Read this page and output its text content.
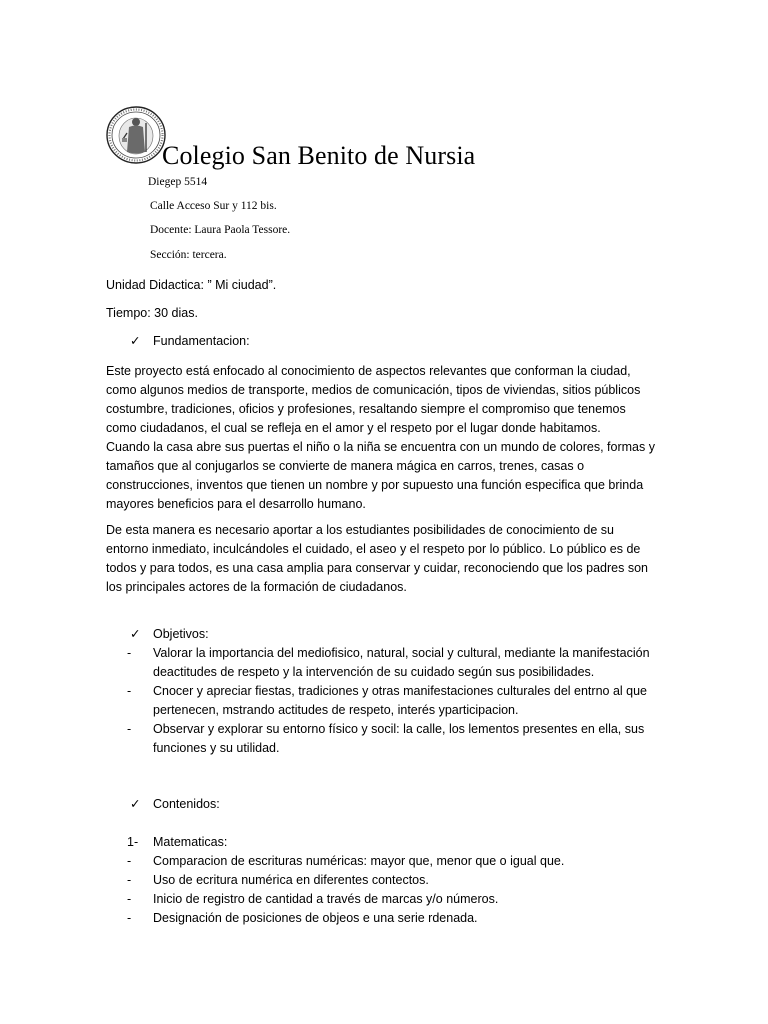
Colegio San Benito de Nursia
Diegep 5514
Calle Acceso Sur y 112 bis.
Docente: Laura Paola Tessore.
Sección: tercera.
Unidad Didactica: ” Mi ciudad”.
Tiempo: 30 dias.
✓ Fundamentacion:
Este proyecto está enfocado al conocimiento de aspectos relevantes que conforman la ciudad,
como algunos medios de transporte, medios de comunicación, tipos de viviendas, sitios públicos
costumbre, tradiciones, oficios y profesiones, resaltando siempre el compromiso que tenemos
como ciudadanos, el cual se refleja en el amor y el respeto por el lugar donde habitamos.
Cuando la casa abre sus puertas el niño o la niña se encuentra con un mundo de colores, formas y
tamaños que al conjugarlos se convierte de manera mágica en carros, trenes, casas o
construcciones, inventos que tienen un nombre y por supuesto una función especifica que brinda
mayores beneficios para el desarrollo humano.
De esta manera es necesario aportar a los estudiantes posibilidades de conocimiento de su
entorno inmediato, inculcándoles el cuidado, el aseo y el respeto por lo público. Lo público es de
todos y para todos, es una casa amplia para conservar y cuidar, reconociendo que los padres son
los principales actores de la formación de ciudadanos.
✓ Objetivos:
- Valorar la importancia del mediofisico, natural, social y cultural, mediante la manifestación
deactitudes de respeto y la intervención de su cuidado según sus posibilidades.
- Cnocer y apreciar fiestas, tradiciones y otras manifestaciones culturales del entrno al que
pertenecen, mstrando actitudes de respeto, interés yparticipacion.
- Observar y explorar su entorno físico y socil: la calle, los lementos presentes en ella, sus
funciones y su utilidad.
✓ Contenidos:
1- Matematicas:
- Comparacion de escrituras numéricas: mayor que, menor que o igual que.
- Uso de ecritura numérica en diferentes contectos.
- Inicio de registro de cantidad a través de marcas y/o números.
- Designación de posiciones de objeos e una serie rdenada.
